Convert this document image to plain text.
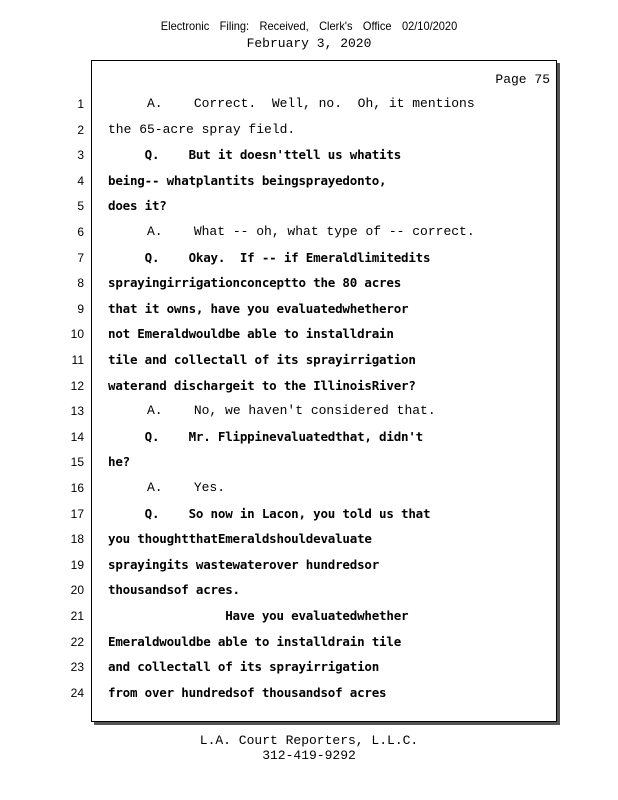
Electronic Filing: Received, Clerk's Office 02/10/2020
February 3, 2020
Page 75
1 A.    Correct.  Well, no.  Oh, it mentions
2 the 65-acre spray field.
3 Q.    But it doesn'ttell us whatits
4 being-- whatplantits beingsprayedonto,
5 does it?
6 A.    What -- oh, what type of -- correct.
7 Q.    Okay.  If -- if Emeraldlimitedits
8 sprayingirrigationconceptto the 80 acres
9 that it owns, have you evaluatedwhetheror
10 not Emeraldwouldbe able to installdrain
11 tile and collectall of its sprayirrigation
12 waterand dischargeit to the IllinoisRiver?
13 A.    No, we haven't considered that.
14 Q.    Mr. Flippinevaluatedthat, didn't
15 he?
16 A.    Yes.
17 Q.    So now in Lacon, you told us that
18 you thoughtthatEmeraldshouldevaluate
19 sprayingits wastewaterover hundredsor
20 thousandsof acres.
21 Have you evaluatedwhether
22 Emeraldwouldbe able to installdrain tile
23 and collectall of its sprayirrigation
24 from over hundredsof thousandsof acres
L.A. Court Reporters, L.L.C.
312-419-9292
